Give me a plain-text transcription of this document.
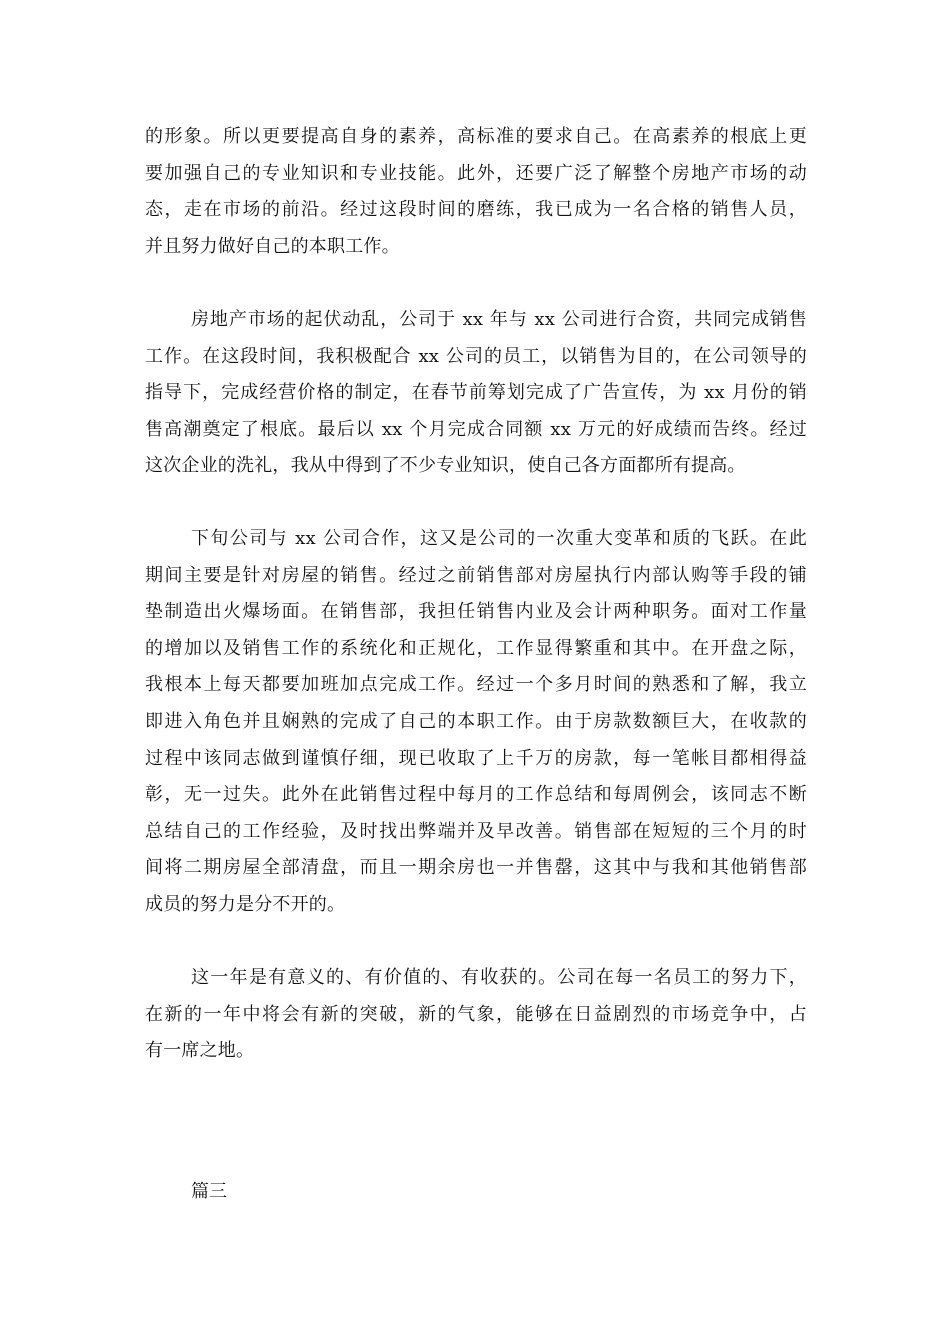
的形象。所以更要提高自身的素养，高标准的要求自己。在高素养的根底上更
要加强自己的专业知识和专业技能。此外，还要广泛了解整个房地产市场的动
态，走在市场的前沿。经过这段时间的磨练，我已成为一名合格的销售人员，
并且努力做好自己的本职工作。
房地产市场的起伏动乱，公司于 xx 年与 xx 公司进行合资，共同完成销售
工作。在这段时间，我积极配合 xx 公司的员工，以销售为目的，在公司领导的
指导下，完成经营价格的制定，在春节前筹划完成了广告宣传，为 xx 月份的销
售高潮奠定了根底。最后以 xx 个月完成合同额 xx 万元的好成绩而告终。经过
这次企业的洗礼，我从中得到了不少专业知识，使自己各方面都所有提高。
下旬公司与 xx 公司合作，这又是公司的一次重大变革和质的飞跃。在此
期间主要是针对房屋的销售。经过之前销售部对房屋执行内部认购等手段的铺
垫制造出火爆场面。在销售部，我担任销售内业及会计两种职务。面对工作量
的增加以及销售工作的系统化和正规化，工作显得繁重和其中。在开盘之际，
我根本上每天都要加班加点完成工作。经过一个多月时间的熟悉和了解，我立
即进入角色并且娴熟的完成了自己的本职工作。由于房款数额巨大，在收款的
过程中该同志做到谨慎仔细，现已收取了上千万的房款，每一笔帐目都相得益
彰，无一过失。此外在此销售过程中每月的工作总结和每周例会，该同志不断
总结自己的工作经验，及时找出弊端并及早改善。销售部在短短的三个月的时
间将二期房屋全部清盘，而且一期余房也一并售罄，这其中与我和其他销售部
成员的努力是分不开的。
这一年是有意义的、有价值的、有收获的。公司在每一名员工的努力下，
在新的一年中将会有新的突破，新的气象，能够在日益剧烈的市场竞争中，占
有一席之地。

篇三
